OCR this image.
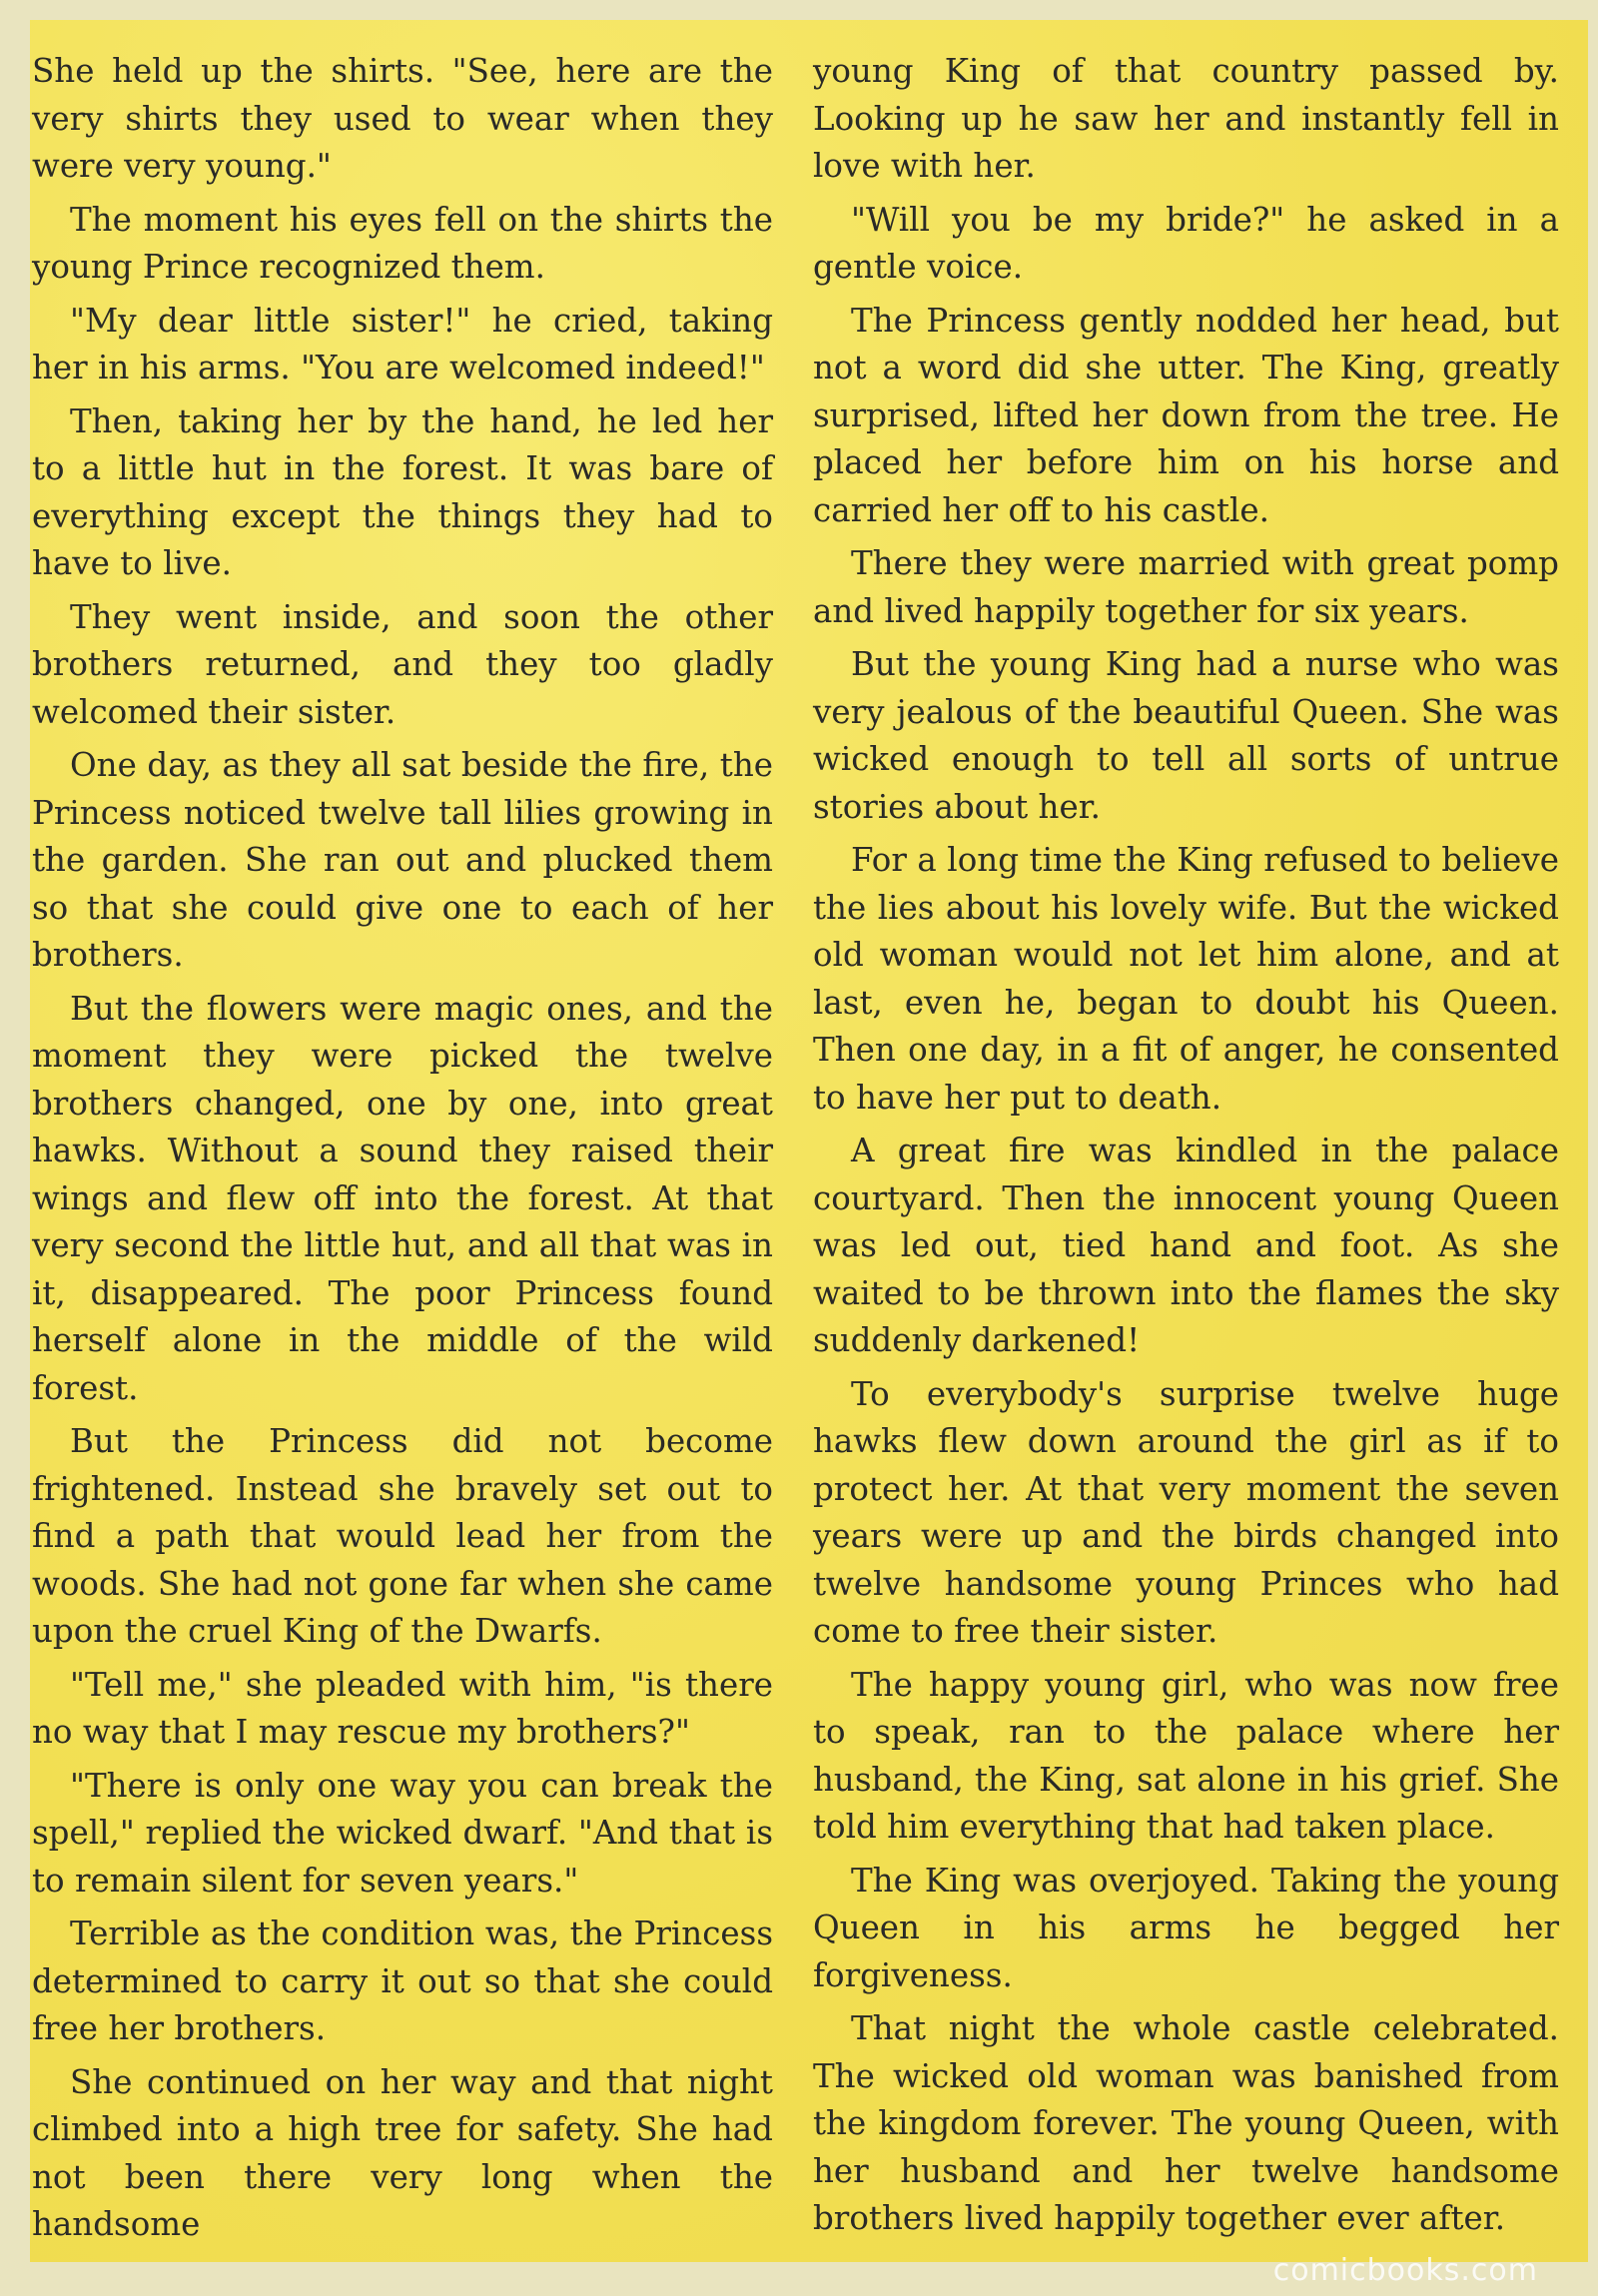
She held up the shirts. "See, here are the very shirts they used to wear when they were very young."

The moment his eyes fell on the shirts the young Prince recognized them.

"My dear little sister!" he cried, taking her in his arms. "You are welcomed indeed!"

Then, taking her by the hand, he led her to a little hut in the forest. It was bare of everything except the things they had to have to live.

They went inside, and soon the other brothers returned, and they too gladly welcomed their sister.

One day, as they all sat beside the fire, the Princess noticed twelve tall lilies growing in the garden. She ran out and plucked them so that she could give one to each of her brothers.

But the flowers were magic ones, and the moment they were picked the twelve brothers changed, one by one, into great hawks. Without a sound they raised their wings and flew off into the forest. At that very second the little hut, and all that was in it, disappeared. The poor Princess found herself alone in the middle of the wild forest.

But the Princess did not become frightened. Instead she bravely set out to find a path that would lead her from the woods. She had not gone far when she came upon the cruel King of the Dwarfs.

"Tell me," she pleaded with him, "is there no way that I may rescue my brothers?"

"There is only one way you can break the spell," replied the wicked dwarf. "And that is to remain silent for seven years."

Terrible as the condition was, the Princess determined to carry it out so that she could free her brothers.

She continued on her way and that night climbed into a high tree for safety. She had not been there very long when the handsome

young King of that country passed by. Looking up he saw her and instantly fell in love with her.

"Will you be my bride?" he asked in a gentle voice.

The Princess gently nodded her head, but not a word did she utter. The King, greatly surprised, lifted her down from the tree. He placed her before him on his horse and carried her off to his castle.

There they were married with great pomp and lived happily together for six years.

But the young King had a nurse who was very jealous of the beautiful Queen. She was wicked enough to tell all sorts of untrue stories about her.

For a long time the King refused to believe the lies about his lovely wife. But the wicked old woman would not let him alone, and at last, even he, began to doubt his Queen. Then one day, in a fit of anger, he consented to have her put to death.

A great fire was kindled in the palace courtyard. Then the innocent young Queen was led out, tied hand and foot. As she waited to be thrown into the flames the sky suddenly darkened!

To everybody's surprise twelve huge hawks flew down around the girl as if to protect her. At that very moment the seven years were up and the birds changed into twelve handsome young Princes who had come to free their sister.

The happy young girl, who was now free to speak, ran to the palace where her husband, the King, sat alone in his grief. She told him everything that had taken place.

The King was overjoyed. Taking the young Queen in his arms he begged her forgiveness.

That night the whole castle celebrated. The wicked old woman was banished from the kingdom forever. The young Queen, with her husband and her twelve handsome brothers lived happily together ever after.

comicbooks.com
